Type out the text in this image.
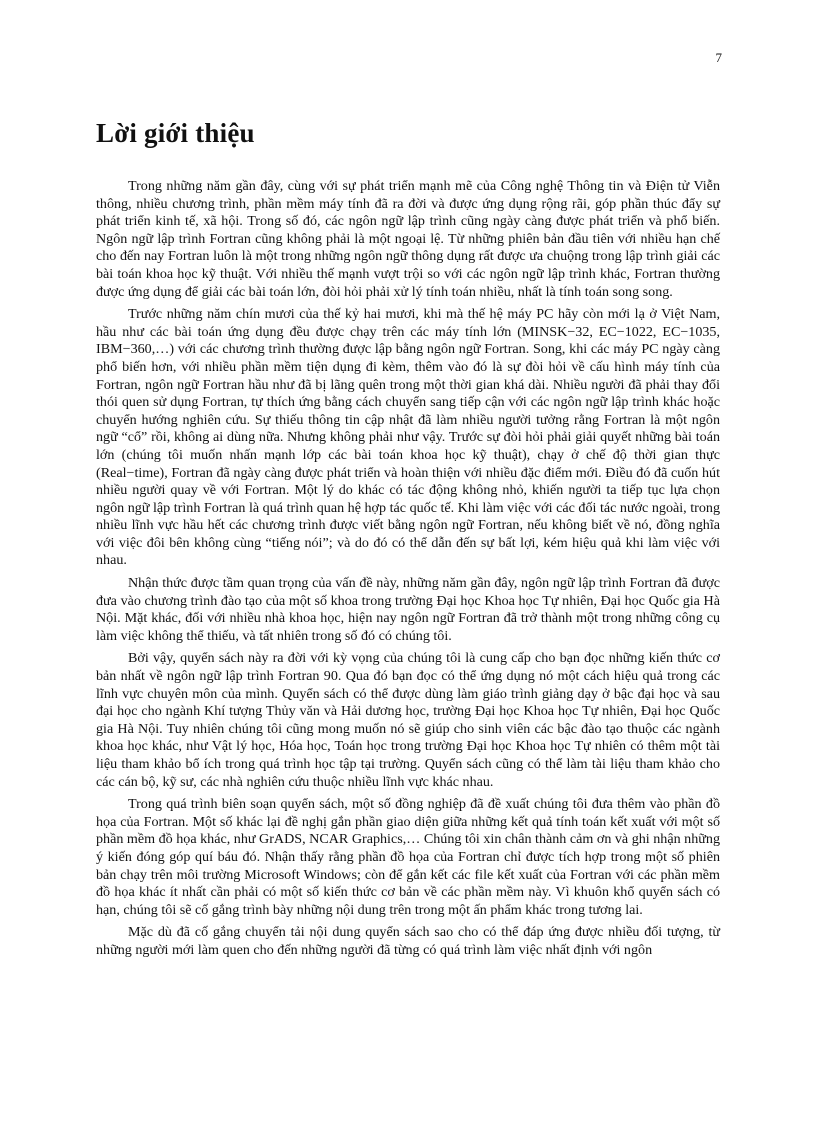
7
Lời giới thiệu

Trong những năm gần đây, cùng với sự phát triển mạnh mẽ của Công nghệ Thông tin và Điện tử Viễn thông, nhiều chương trình, phần mềm máy tính đã ra đời và được ứng dụng rộng rãi, góp phần thúc đẩy sự phát triển kinh tế, xã hội. Trong số đó, các ngôn ngữ lập trình cũng ngày càng được phát triển và phổ biến. Ngôn ngữ lập trình Fortran cũng không phải là một ngoại lệ. Từ những phiên bản đầu tiên với nhiều hạn chế cho đến nay Fortran luôn là một trong những ngôn ngữ thông dụng rất được ưa chuộng trong lập trình giải các bài toán khoa học kỹ thuật. Với nhiều thế mạnh vượt trội so với các ngôn ngữ lập trình khác, Fortran thường được ứng dụng để giải các bài toán lớn, đòi hỏi phải xử lý tính toán nhiều, nhất là tính toán song song.

Trước những năm chín mươi của thế kỷ hai mươi, khi mà thế hệ máy PC hãy còn mới lạ ở Việt Nam, hầu như các bài toán ứng dụng đều được chạy trên các máy tính lớn (MINSK−32, EC−1022, EC−1035, IBM−360,…) với các chương trình thường được lập bằng ngôn ngữ Fortran. Song, khi các máy PC ngày càng phổ biến hơn, với nhiều phần mềm tiện dụng đi kèm, thêm vào đó là sự đòi hỏi về cấu hình máy tính của Fortran, ngôn ngữ Fortran hầu như đã bị lãng quên trong một thời gian khá dài. Nhiều người đã phải thay đổi thói quen sử dụng Fortran, tự thích ứng bằng cách chuyển sang tiếp cận với các ngôn ngữ lập trình khác hoặc chuyển hướng nghiên cứu. Sự thiếu thông tin cập nhật đã làm nhiều người tưởng rằng Fortran là một ngôn ngữ “cổ” rồi, không ai dùng nữa. Nhưng không phải như vậy. Trước sự đòi hỏi phải giải quyết những bài toán lớn (chúng tôi muốn nhấn mạnh lớp các bài toán khoa học kỹ thuật), chạy ở chế độ thời gian thực (Real−time), Fortran đã ngày càng được phát triển và hoàn thiện với nhiều đặc điểm mới. Điều đó đã cuốn hút nhiều người quay về với Fortran. Một lý do khác có tác động không nhỏ, khiến người ta tiếp tục lựa chọn ngôn ngữ lập trình Fortran là quá trình quan hệ hợp tác quốc tế. Khi làm việc với các đối tác nước ngoài, trong nhiều lĩnh vực hầu hết các chương trình được viết bằng ngôn ngữ Fortran, nếu không biết về nó, đồng nghĩa với việc đôi bên không cùng “tiếng nói”; và do đó có thể dẫn đến sự bất lợi, kém hiệu quả khi làm việc với nhau.

Nhận thức được tầm quan trọng của vấn đề này, những năm gần đây, ngôn ngữ lập trình Fortran đã được đưa vào chương trình đào tạo của một số khoa trong trường Đại học Khoa học Tự nhiên, Đại học Quốc gia Hà Nội. Mặt khác, đối với nhiều nhà khoa học, hiện nay ngôn ngữ Fortran đã trở thành một trong những công cụ làm việc không thể thiếu, và tất nhiên trong số đó có chúng tôi.

Bởi vậy, quyển sách này ra đời với kỳ vọng của chúng tôi là cung cấp cho bạn đọc những kiến thức cơ bản nhất về ngôn ngữ lập trình Fortran 90. Qua đó bạn đọc có thể ứng dụng nó một cách hiệu quả trong các lĩnh vực chuyên môn của mình. Quyển sách có thể được dùng làm giáo trình giảng dạy ở bậc đại học và sau đại học cho ngành Khí tượng Thủy văn và Hải dương học, trường Đại học Khoa học Tự nhiên, Đại học Quốc gia Hà Nội. Tuy nhiên chúng tôi cũng mong muốn nó sẽ giúp cho sinh viên các bậc đào tạo thuộc các ngành khoa học khác, như Vật lý học, Hóa học, Toán học trong trường Đại học Khoa học Tự nhiên có thêm một tài liệu tham khảo bổ ích trong quá trình học tập tại trường. Quyển sách cũng có thể làm tài liệu tham khảo cho các cán bộ, kỹ sư, các nhà nghiên cứu thuộc nhiều lĩnh vực khác nhau.

Trong quá trình biên soạn quyển sách, một số đồng nghiệp đã đề xuất chúng tôi đưa thêm vào phần đồ họa của Fortran. Một số khác lại đề nghị gắn phần giao diện giữa những kết quả tính toán kết xuất với một số phần mềm đồ họa khác, như GrADS, NCAR Graphics,… Chúng tôi xin chân thành cảm ơn và ghi nhận những ý kiến đóng góp quí báu đó. Nhận thấy rằng phần đồ họa của Fortran chỉ được tích hợp trong một số phiên bản chạy trên môi trường Microsoft Windows; còn để gắn kết các file kết xuất của Fortran với các phần mềm đồ họa khác ít nhất cần phải có một số kiến thức cơ bản về các phần mềm này. Vì khuôn khổ quyển sách có hạn, chúng tôi sẽ cố gắng trình bày những nội dung trên trong một ấn phẩm khác trong tương lai.

Mặc dù đã cố gắng chuyển tải nội dung quyển sách sao cho có thể đáp ứng được nhiều đối tượng, từ những người mới làm quen cho đến những người đã từng có quá trình làm việc nhất định với ngôn
